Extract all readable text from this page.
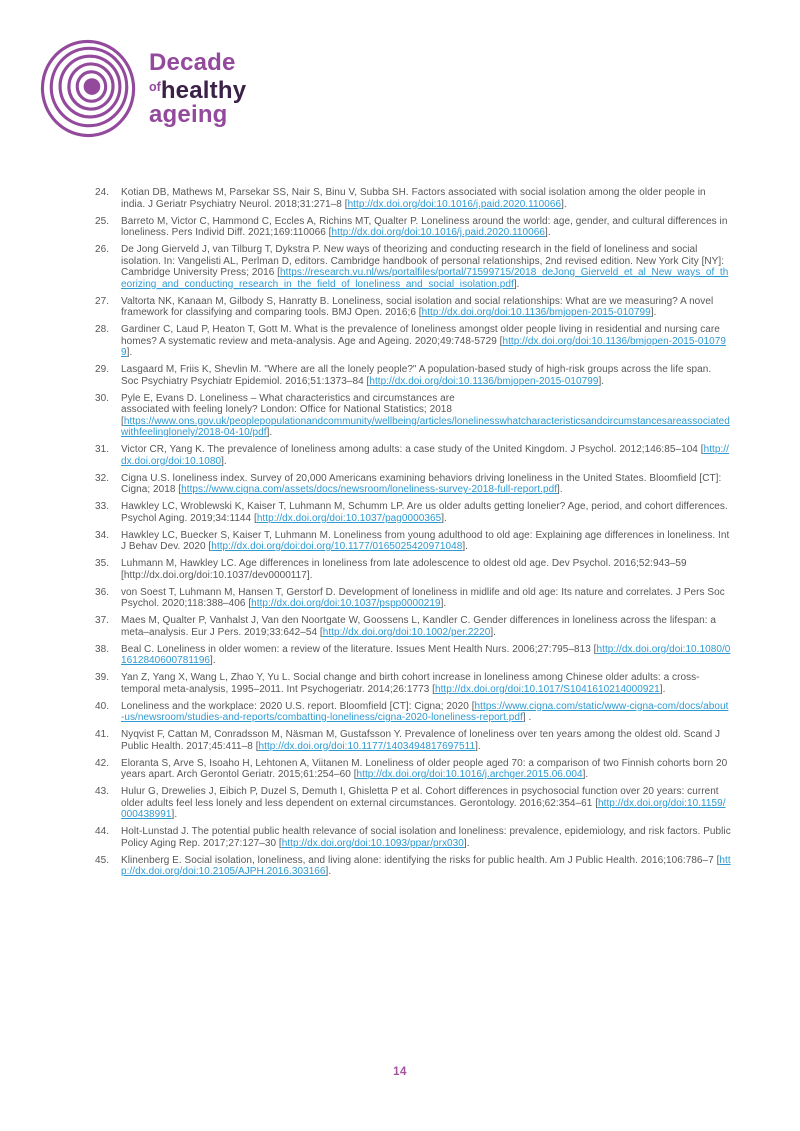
Decade
$^{of}$healthy
ageing
24.	Kotian DB, Mathews M, Parsekar SS, Nair S, Binu V, Subba SH. Factors associated with social isolation among the older people in india. J Geriatr Psychiatry Neurol. 2018;31:271–8 [http://dx.doi.org/doi:10.1016/j.paid.2020.110066].
25.	Barreto M, Victor C, Hammond C, Eccles A, Richins MT, Qualter P. Loneliness around the world: age, gender, and cultural differences in loneliness. Pers Individ Diff. 2021;169:110066 [http://dx.doi.org/doi:10.1016/j.paid.2020.110066].
26.	De Jong Gierveld J, van Tilburg T, Dykstra P. New ways of theorizing and conducting research in the field of loneliness and social isolation. In: Vangelisti AL, Perlman D, editors. Cambridge handbook of personal relationships, 2nd revised edition. New York City [NY]: Cambridge University Press; 2016 [https://research.vu.nl/ws/portalfiles/portal/71599715/2018_deJong_Gierveld_et_al_New_ways_of_theorizing_and_conducting_research_in_the_field_of_loneliness_and_social_isolation.pdf].
27.	Valtorta NK, Kanaan M, Gilbody S, Hanratty B. Loneliness, social isolation and social relationships: What are we measuring? A novel framework for classifying and comparing tools. BMJ Open. 2016;6 [http://dx.doi.org/doi:10.1136/bmjopen-2015-010799].
28.	Gardiner C, Laud P, Heaton T, Gott M. What is the prevalence of loneliness amongst older people living in residential and nursing care homes? A systematic review and meta-analysis. Age and Ageing. 2020;49:748-5729 [http://dx.doi.org/doi:10.1136/bmjopen-2015-010799].
29.	Lasgaard M, Friis K, Shevlin M. "Where are all the lonely people?" A population-based study of high-risk groups across the life span. Soc Psychiatry Psychiatr Epidemiol. 2016;51:1373–84 [http://dx.doi.org/doi:10.1136/bmjopen-2015-010799].
30.	Pyle E, Evans D. Loneliness – What characteristics and circumstances are
associated with feeling lonely? London: Office for National Statistics; 2018
[https://www.ons.gov.uk/peoplepopulationandcommunity/wellbeing/articles/lonelinesswhatcharacteristicsandcircumstancesareassociatedwithfeelinglonely/2018-04-10/pdf].
31.	Victor CR, Yang K. The prevalence of loneliness among adults: a case study of the United Kingdom. J Psychol. 2012;146:85–104 [http://dx.doi.org/doi:10.1080].
32.	Cigna U.S. loneliness index. Survey of 20,000 Americans examining behaviors driving loneliness in the United States. Bloomfield [CT]: Cigna; 2018 [https://www.cigna.com/assets/docs/newsroom/loneliness-survey-2018-full-report.pdf].
33.	Hawkley LC, Wroblewski K, Kaiser T, Luhmann M, Schumm LP. Are us older adults getting lonelier? Age, period, and cohort differences. Psychol Aging. 2019;34:1144 [http://dx.doi.org/doi:10.1037/pag0000365].
34.	Hawkley LC, Buecker S, Kaiser T, Luhmann M. Loneliness from young adulthood to old age: Explaining age differences in loneliness. Int J Behav Dev. 2020 [http://dx.doi.org/doi:doi.org/10.1177/0165025420971048].
35.	Luhmann M, Hawkley LC. Age differences in loneliness from late adolescence to oldest old age. Dev Psychol. 2016;52:943–59 [http://dx.doi.org/doi:10.1037/dev0000117].
36.	von Soest T, Luhmann M, Hansen T, Gerstorf D. Development of loneliness in midlife and old age: Its nature and correlates. J Pers Soc Psychol. 2020;118:388–406 [http://dx.doi.org/doi:10.1037/pspp0000219].
37.	Maes M, Qualter P, Vanhalst J, Van den Noortgate W, Goossens L, Kandler C. Gender differences in loneliness across the lifespan: a meta–analysis. Eur J Pers. 2019;33:642–54 [http://dx.doi.org/doi:10.1002/per.2220].
38.	Beal C. Loneliness in older women: a review of the literature. Issues Ment Health Nurs. 2006;27:795–813 [http://dx.doi.org/doi:10.1080/01612840600781196].
39.	Yan Z, Yang X, Wang L, Zhao Y, Yu L. Social change and birth cohort increase in loneliness among Chinese older adults: a cross-temporal meta-analysis, 1995–2011. Int Psychogeriatr. 2014;26:1773 [http://dx.doi.org/doi:10.1017/S1041610214000921].
40.	Loneliness and the workplace: 2020 U.S. report. Bloomfield [CT]: Cigna; 2020 [https://www.cigna.com/static/www-cigna-com/docs/about-us/newsroom/studies-and-reports/combatting-loneliness/cigna-2020-loneliness-report.pdf] .
41.	Nyqvist F, Cattan M, Conradsson M, Näsman M, Gustafsson Y. Prevalence of loneliness over ten years among the oldest old. Scand J Public Health. 2017;45:411–8 [http://dx.doi.org/doi:10.1177/1403494817697511].
42.	Eloranta S, Arve S, Isoaho H, Lehtonen A, Viitanen M. Loneliness of older people aged 70: a comparison of two Finnish cohorts born 20 years apart. Arch Gerontol Geriatr. 2015;61:254–60 [http://dx.doi.org/doi:10.1016/j.archger.2015.06.004].
43.	Hulur G, Drewelies J, Eibich P, Duzel S, Demuth I, Ghisletta P et al. Cohort differences in psychosocial function over 20 years: current older adults feel less lonely and less dependent on external circumstances. Gerontology. 2016;62:354–61 [http://dx.doi.org/doi:10.1159/000438991].
44.	Holt-Lunstad J. The potential public health relevance of social isolation and loneliness: prevalence, epidemiology, and risk factors. Public Policy Aging Rep. 2017;27:127–30 [http://dx.doi.org/doi:10.1093/ppar/prx030].
45.	Klinenberg E. Social isolation, loneliness, and living alone: identifying the risks for public health. Am J Public Health. 2016;106:786–7 [http://dx.doi.org/doi:10.2105/AJPH.2016.303166].
14
